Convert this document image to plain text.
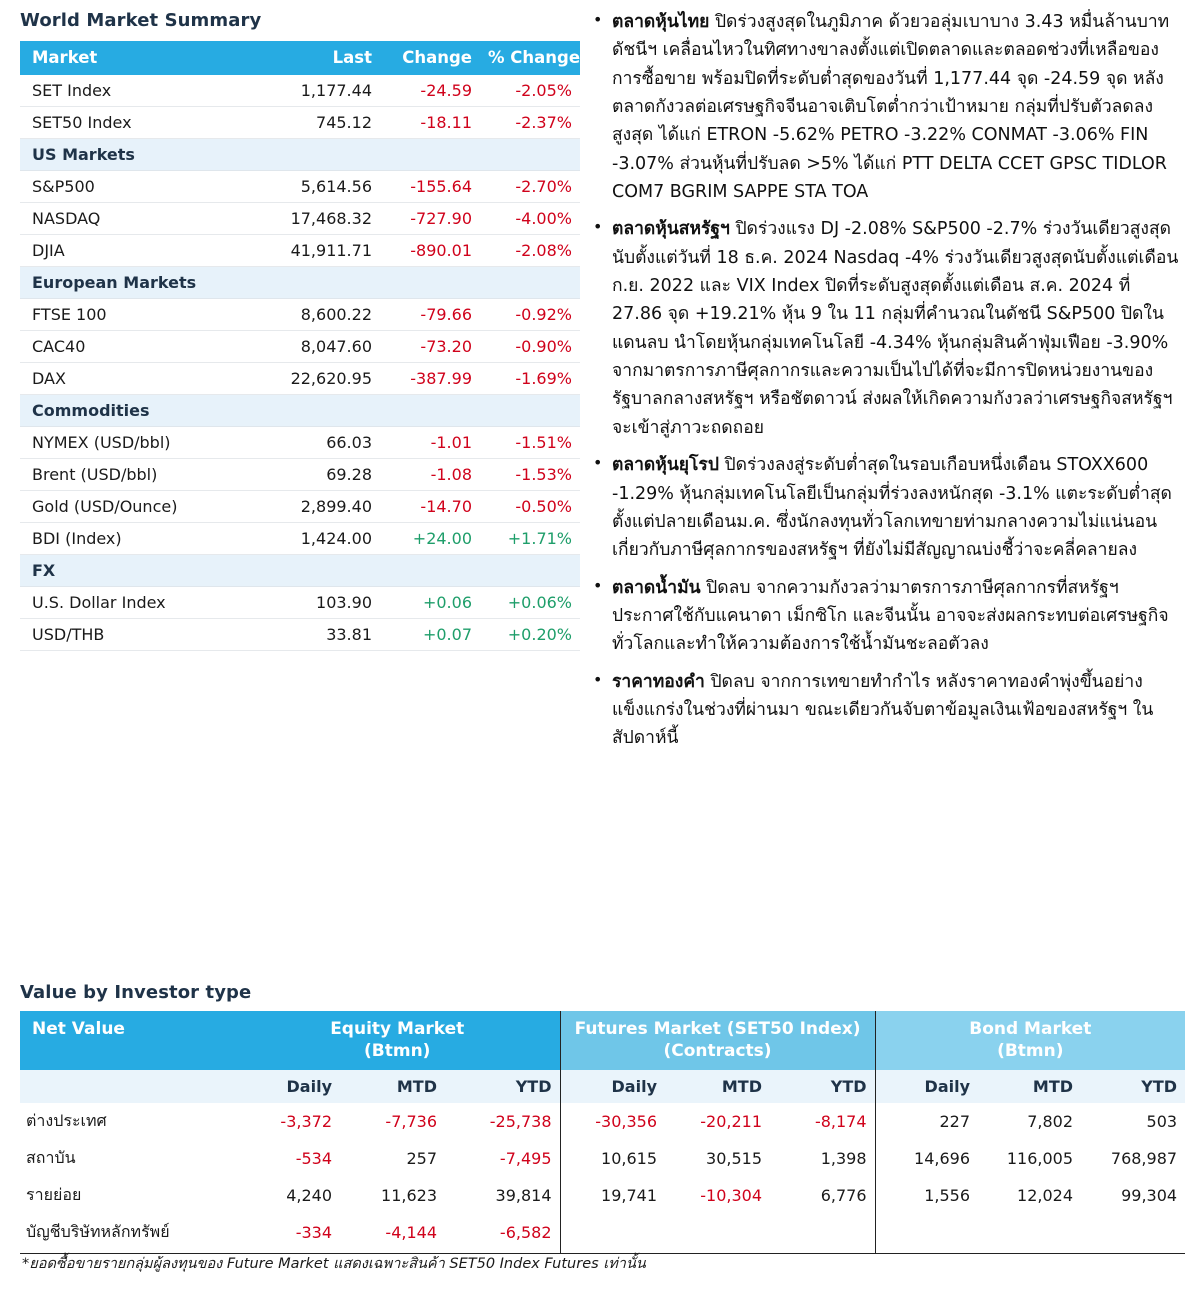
World Market Summary
Market	Last	Change	% Change
SET Index	1,177.44	-24.59	-2.05%
SET50 Index	745.12	-18.11	-2.37%
US Markets			
S&P500	5,614.56	-155.64	-2.70%
NASDAQ	17,468.32	-727.90	-4.00%
DJIA	41,911.71	-890.01	-2.08%
European Markets			
FTSE 100	8,600.22	-79.66	-0.92%
CAC40	8,047.60	-73.20	-0.90%
DAX	22,620.95	-387.99	-1.69%
Commodities			
NYMEX (USD/bbl)	66.03	-1.01	-1.51%
Brent (USD/bbl)	69.28	-1.08	-1.53%
Gold (USD/Ounce)	2,899.40	-14.70	-0.50%
BDI (Index)	1,424.00	+24.00	+1.71%
FX			
U.S. Dollar Index	103.90	+0.06	+0.06%
USD/THB	33.81	+0.07	+0.20%
• ตลาดหุ้นไทย ปิดร่วงสูงสุดในภูมิภาค ด้วยวอลุ่มเบาบาง 3.43 หมื่นล้านบาท ดัชนีฯ เคลื่อนไหวในทิศทางขาลงตั้งแต่เปิดตลาดและตลอดช่วงที่เหลือของการซื้อขาย พร้อมปิดที่ระดับต่ำสุดของวันที่ 1,177.44 จุด -24.59 จุด หลังตลาดกังวลต่อเศรษฐกิจจีนอาจเติบโตต่ำกว่าเป้าหมาย กลุ่มที่ปรับตัวลดลงสูงสุด ได้แก่ ETRON -5.62% PETRO -3.22% CONMAT -3.06% FIN -3.07% ส่วนหุ้นที่ปรับลด >5% ได้แก่ PTT DELTA CCET GPSC TIDLOR COM7 BGRIM SAPPE STA TOA
• ตลาดหุ้นสหรัฐฯ ปิดร่วงแรง DJ -2.08% S&P500 -2.7% ร่วงวันเดียวสูงสุดนับตั้งแต่วันที่ 18 ธ.ค. 2024 Nasdaq -4% ร่วงวันเดียวสูงสุดนับตั้งแต่เดือน ก.ย. 2022 และ VIX Index ปิดที่ระดับสูงสุดตั้งแต่เดือน ส.ค. 2024 ที่ 27.86 จุด +19.21% หุ้น 9 ใน 11 กลุ่มที่คำนวณในดัชนี S&P500 ปิดในแดนลบ นำโดยหุ้นกลุ่มเทคโนโลยี -4.34% หุ้นกลุ่มสินค้าฟุ่มเฟือย -3.90% จากมาตรการภาษีศุลกากรและความเป็นไปได้ที่จะมีการปิดหน่วยงานของรัฐบาลกลางสหรัฐฯ หรือชัตดาวน์ ส่งผลให้เกิดความกังวลว่าเศรษฐกิจสหรัฐฯ จะเข้าสู่ภาวะถดถอย
• ตลาดหุ้นยุโรป ปิดร่วงลงสู่ระดับต่ำสุดในรอบเกือบหนึ่งเดือน STOXX600 -1.29% หุ้นกลุ่มเทคโนโลยีเป็นกลุ่มที่ร่วงลงหนักสุด -3.1% แตะระดับต่ำสุดตั้งแต่ปลายเดือนม.ค. ซึ่งนักลงทุนทั่วโลกเทขายท่ามกลางความไม่แน่นอนเกี่ยวกับภาษีศุลกากรของสหรัฐฯ ที่ยังไม่มีสัญญาณบ่งชี้ว่าจะคลี่คลายลง
• ตลาดน้ำมัน ปิดลบ จากความกังวลว่ามาตรการภาษีศุลกากรที่สหรัฐฯ ประกาศใช้กับแคนาดา เม็กซิโก และจีนนั้น อาจจะส่งผลกระทบต่อเศรษฐกิจทั่วโลกและทำให้ความต้องการใช้น้ำมันชะลอตัวลง
• ราคาทองคำ ปิดลบ จากการเทขายทำกำไร หลังราคาทองคำพุ่งขึ้นอย่างแข็งแกร่งในช่วงที่ผ่านมา ขณะเดียวกันจับตาข้อมูลเงินเฟ้อของสหรัฐฯ ในสัปดาห์นี้
Value by Investor type
Net Value	Equity Market			Futures Market (SET50 Index)			Bond Market		
	(Btmn)			(Contracts)			(Btmn)		
	Daily	MTD	YTD	Daily	MTD	YTD	Daily	MTD	YTD
ต่างประเทศ	-3,372	-7,736	-25,738	-30,356	-20,211	-8,174	227	7,802	503
สถาบัน	-534	257	-7,495	10,615	30,515	1,398	14,696	116,005	768,987
รายย่อย	4,240	11,623	39,814	19,741	-10,304	6,776	1,556	12,024	99,304
บัญชีบริษัทหลักทรัพย์	-334	-4,144	-6,582						
*ยอดซื้อขายรายกลุ่มผู้ลงทุนของ Future Market แสดงเฉพาะสินค้า SET50 Index Futures เท่านั้น
